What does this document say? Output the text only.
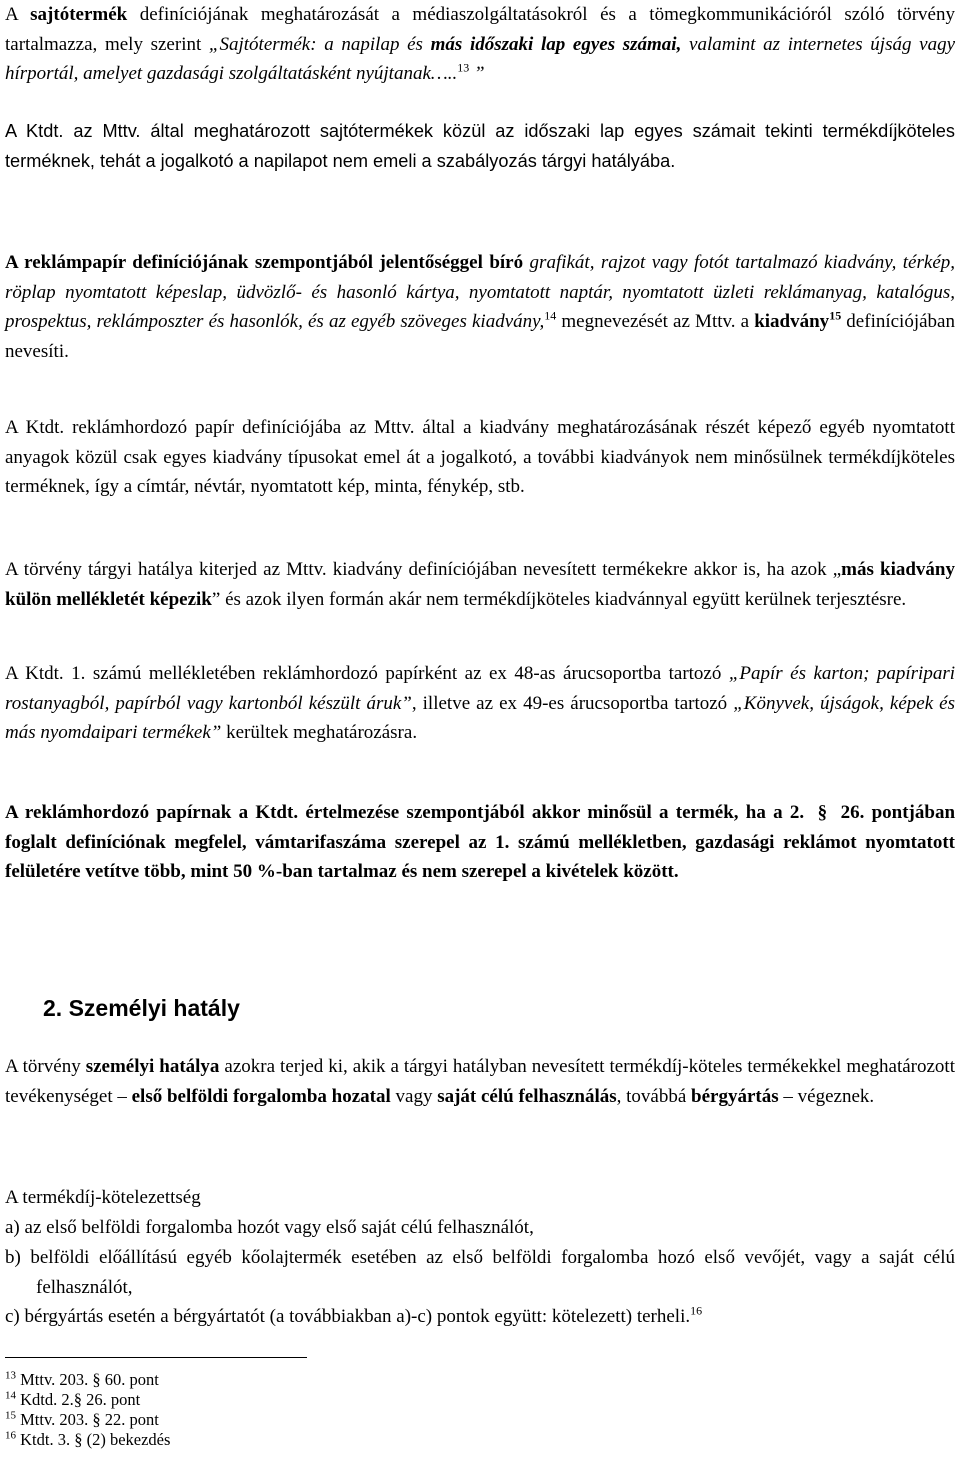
A sajtótermék definíciójának meghatározását a médiaszolgáltatásokról és a tömegkommunikációról szóló törvény tartalmazza, mely szerint „Sajtótermék: a napilap és más időszaki lap egyes számai, valamint az internetes újság vagy hírportál, amelyet gazdasági szolgáltatásként nyújtanak…..$^{13}$ ”

A Ktdt. az Mttv. által meghatározott sajtótermékek közül az időszaki lap egyes számait tekinti termékdíjköteles terméknek, tehát a jogalkotó a napilapot nem emeli a szabályozás tárgyi hatályába.

A reklámpapír definíciójának szempontjából jelentőséggel bíró grafikát, rajzot vagy fotót tartalmazó kiadvány, térkép, röplap nyomtatott képeslap, üdvözlő- és hasonló kártya, nyomtatott naptár, nyomtatott üzleti reklámanyag, katalógus, prospektus, reklámposzter és hasonlók, és az egyéb szöveges kiadvány,$^{14}$ megnevezését az Mttv. a kiadvány$^{15}$ definíciójában nevesíti.

A Ktdt. reklámhordozó papír definíciójába az Mttv. által a kiadvány meghatározásának részét képező egyéb nyomtatott anyagok közül csak egyes kiadvány típusokat emel át a jogalkotó, a további kiadványok nem minősülnek termékdíjköteles terméknek, így a címtár, névtár, nyomtatott kép, minta, fénykép, stb.

A törvény tárgyi hatálya kiterjed az Mttv. kiadvány definíciójában nevesített termékekre akkor is, ha azok „más kiadvány külön mellékletét képezik” és azok ilyen formán akár nem termékdíjköteles kiadvánnyal együtt kerülnek terjesztésre.

A Ktdt. 1. számú mellékletében reklámhordozó papírként az ex 48-as árucsoportba tartozó „Papír és karton; papíripari rostanyagból, papírból vagy kartonból készült áruk”, illetve az ex 49-es árucsoportba tartozó „Könyvek, újságok, képek és más nyomdaipari termékek” kerültek meghatározásra.

A reklámhordozó papírnak a Ktdt. értelmezése szempontjából akkor minősül a termék, ha a 2. § 26. pontjában foglalt definíciónak megfelel, vámtarifaszáma szerepel az 1. számú mellékletben, gazdasági reklámot nyomtatott felületére vetítve több, mint 50 %-ban tartalmaz és nem szerepel a kivételek között.

2. Személyi hatály

A törvény személyi hatálya azokra terjed ki, akik a tárgyi hatályban nevesített termékdíj-köteles termékekkel meghatározott tevékenységet – első belföldi forgalomba hozatal vagy saját célú felhasználás, továbbá bérgyártás – végeznek.

A termékdíj-kötelezettség

a) az első belföldi forgalomba hozót vagy első saját célú felhasználót,

b) belföldi előállítású egyéb kőolajtermék esetében az első belföldi forgalomba hozó első vevőjét, vagy a saját célú felhasználót,

c) bérgyártás esetén a bérgyártatót (a továbbiakban a)-c) pontok együtt: kötelezett) terheli.$^{16}$

$^{13}$ Mttv. 203. § 60. pont

$^{14}$ Kdtd. 2.§ 26. pont

$^{15}$ Mttv. 203. § 22. pont

$^{16}$ Ktdt. 3. § (2) bekezdés
